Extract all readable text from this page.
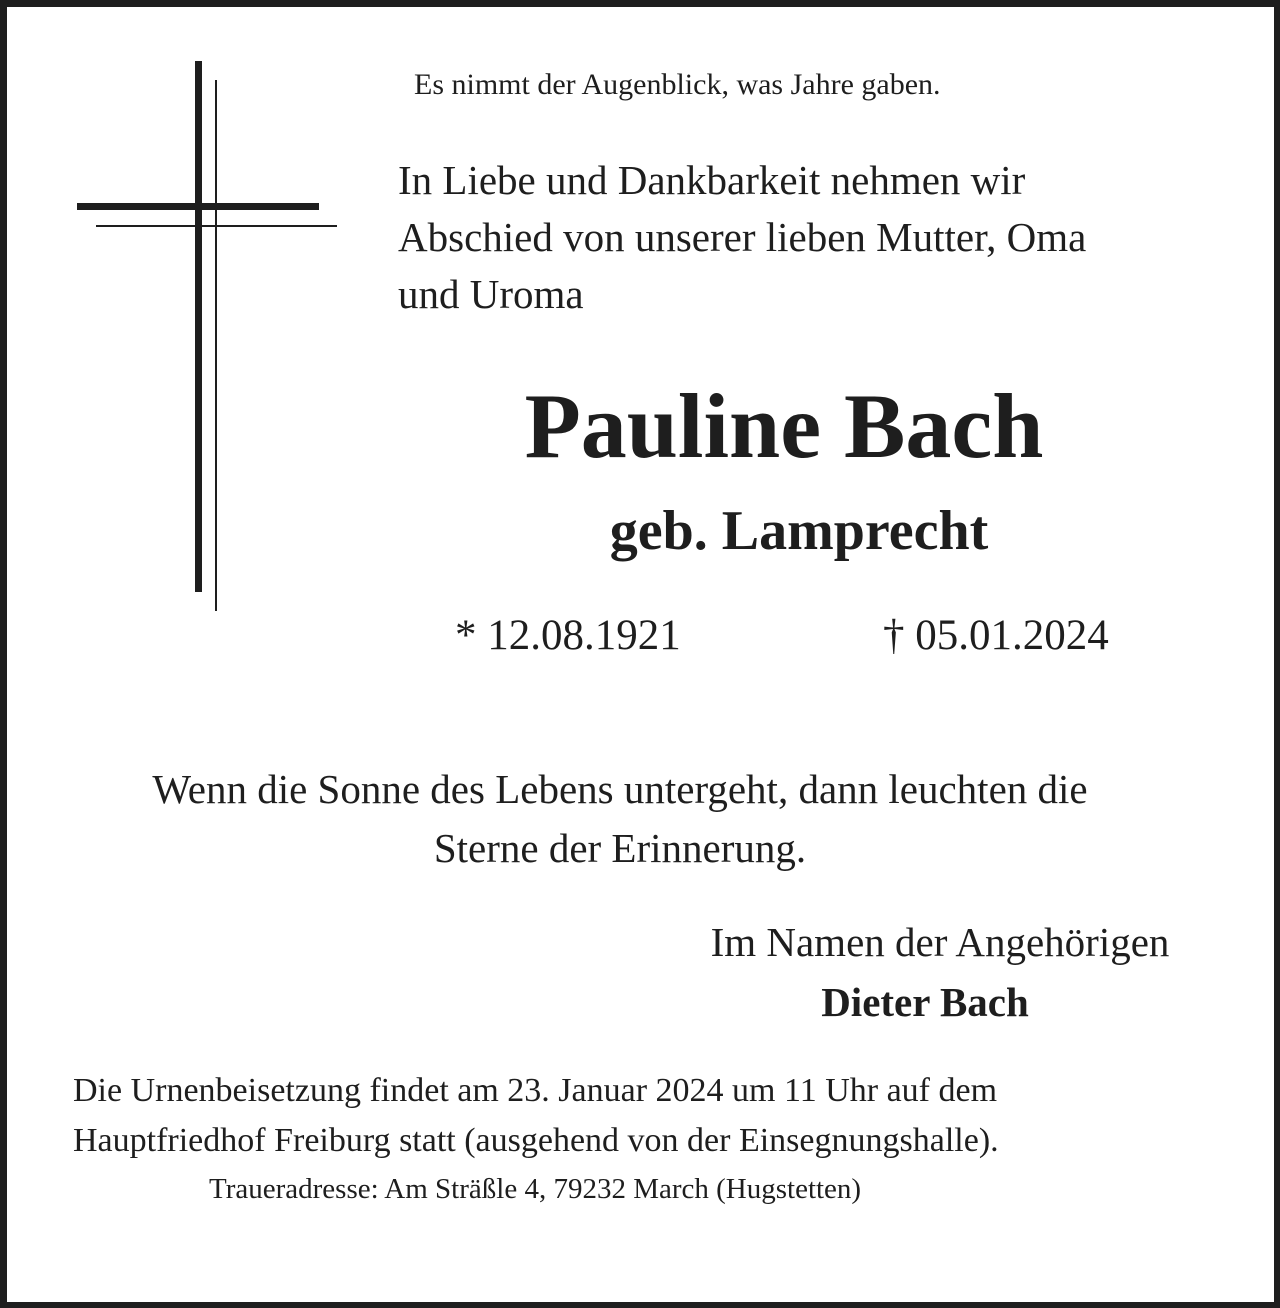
Es nimmt der Augenblick, was Jahre gaben.
In Liebe und Dankbarkeit nehmen wir
Abschied von unserer lieben Mutter, Oma
und Uroma
Pauline Bach
geb. Lamprecht
* 12.08.1921	† 05.01.2024
Wenn die Sonne des Lebens untergeht, dann leuchten die
Sterne der Erinnerung.
Im Namen der Angehörigen
Dieter Bach
Die Urnenbeisetzung findet am 23. Januar 2024 um 11 Uhr auf dem
Hauptfriedhof Freiburg statt (ausgehend von der Einsegnungshalle).
Traueradresse: Am Sträßle 4, 79232 March (Hugstetten)
